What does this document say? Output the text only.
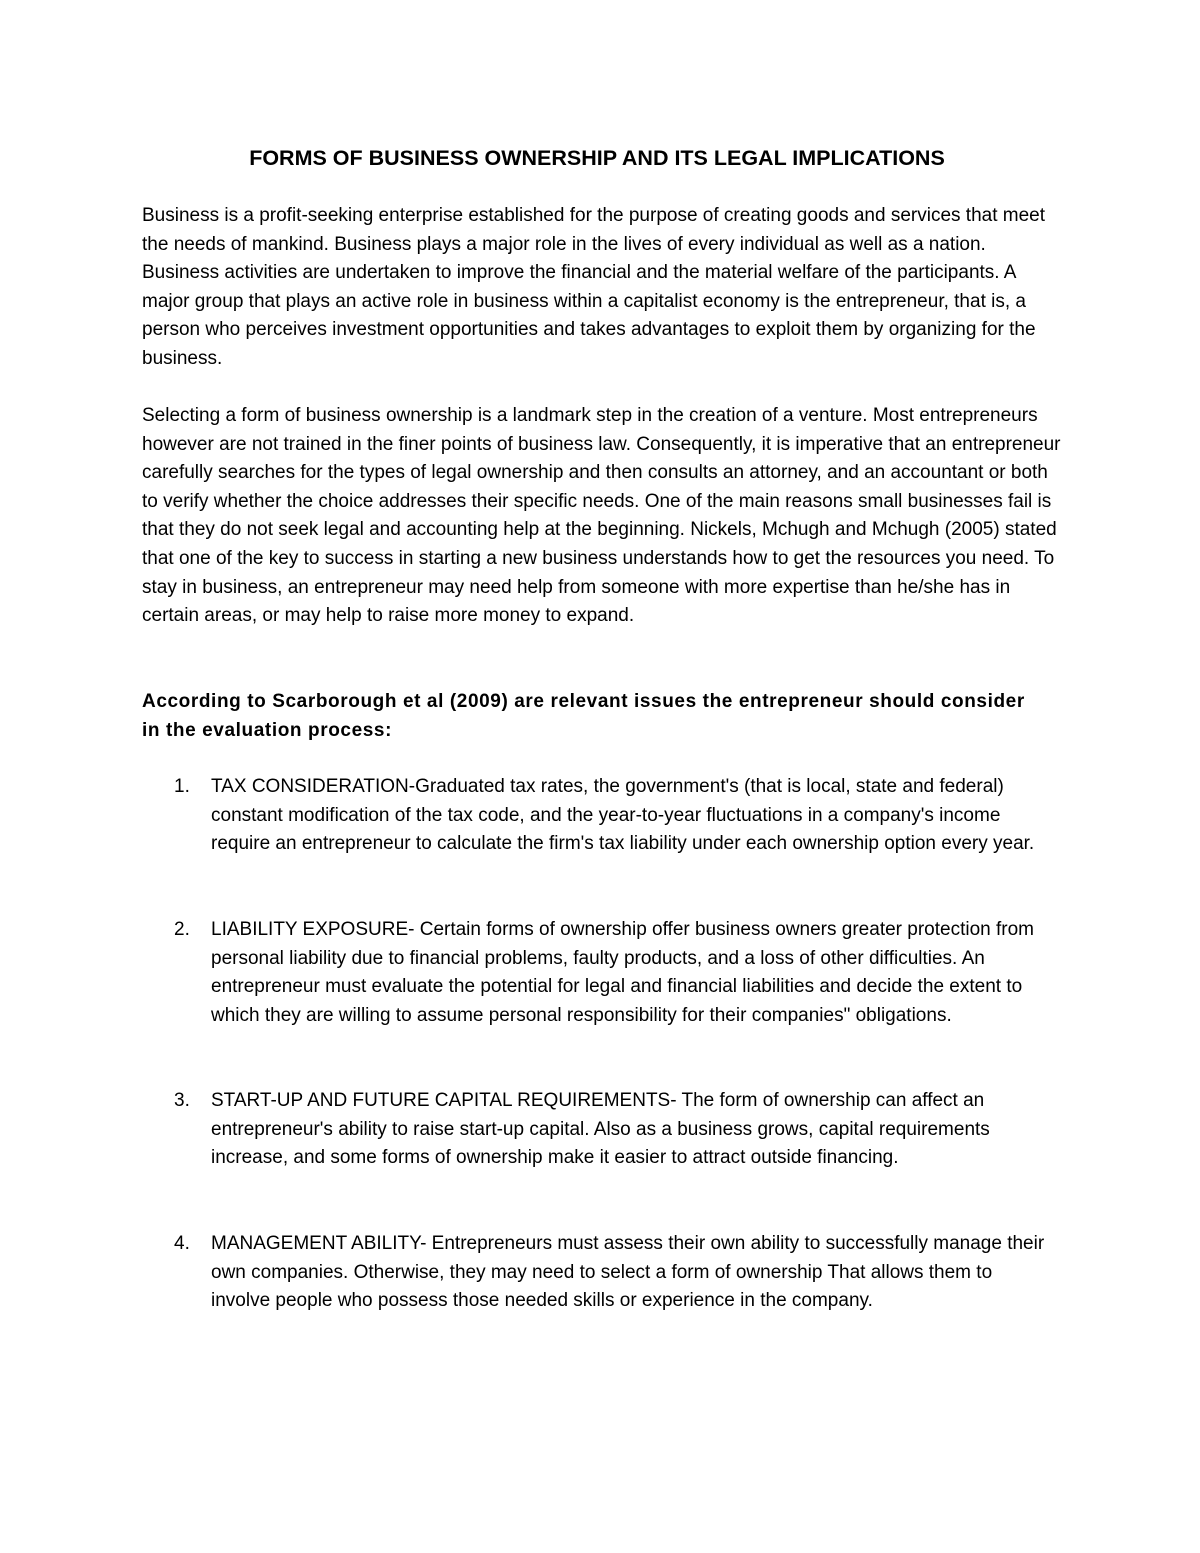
FORMS OF BUSINESS OWNERSHIP AND ITS LEGAL IMPLICATIONS

Business is a profit-seeking enterprise established for the purpose of creating goods and services that meet the needs of mankind. Business plays a major role in the lives of every individual as well as a nation. Business activities are undertaken to improve the financial and the material welfare of the participants. A major group that plays an active role in business within a capitalist economy is the entrepreneur, that is, a person who perceives investment opportunities and takes advantages to exploit them by organizing for the business.

Selecting a form of business ownership is a landmark step in the creation of a venture. Most entrepreneurs however are not trained in the finer points of business law. Consequently, it is imperative that an entrepreneur carefully searches for the types of legal ownership and then consults an attorney, and an accountant or both to verify whether the choice addresses their specific needs. One of the main reasons small businesses fail is that they do not seek legal and accounting help at the beginning. Nickels, Mchugh and Mchugh (2005) stated that one of the key to success in starting a new business understands how to get the resources you need. To stay in business, an entrepreneur may need help from someone with more expertise than he/she has in certain areas, or may help to raise more money to expand.

According to Scarborough et al (2009) are relevant issues the entrepreneur should consider in the evaluation process:

1.	TAX CONSIDERATION-Graduated tax rates, the government's (that is local, state and federal) constant modification of the tax code, and the year-to-year fluctuations in a company's income require an entrepreneur to calculate the firm's tax liability under each ownership option every year.
2.	LIABILITY EXPOSURE- Certain forms of ownership offer business owners greater protection from personal liability due to financial problems, faulty products, and a loss of other difficulties. An entrepreneur must evaluate the potential for legal and financial liabilities and decide the extent to which they are willing to assume personal responsibility for their companies" obligations.
3.	START-UP AND FUTURE CAPITAL REQUIREMENTS- The form of ownership can affect an entrepreneur's ability to raise start-up capital. Also as a business grows, capital requirements increase, and some forms of ownership make it easier to attract outside financing.
4.	MANAGEMENT ABILITY- Entrepreneurs must assess their own ability to successfully manage their own companies. Otherwise, they may need to select a form of ownership That allows them to involve people who possess those needed skills or experience in the company.
